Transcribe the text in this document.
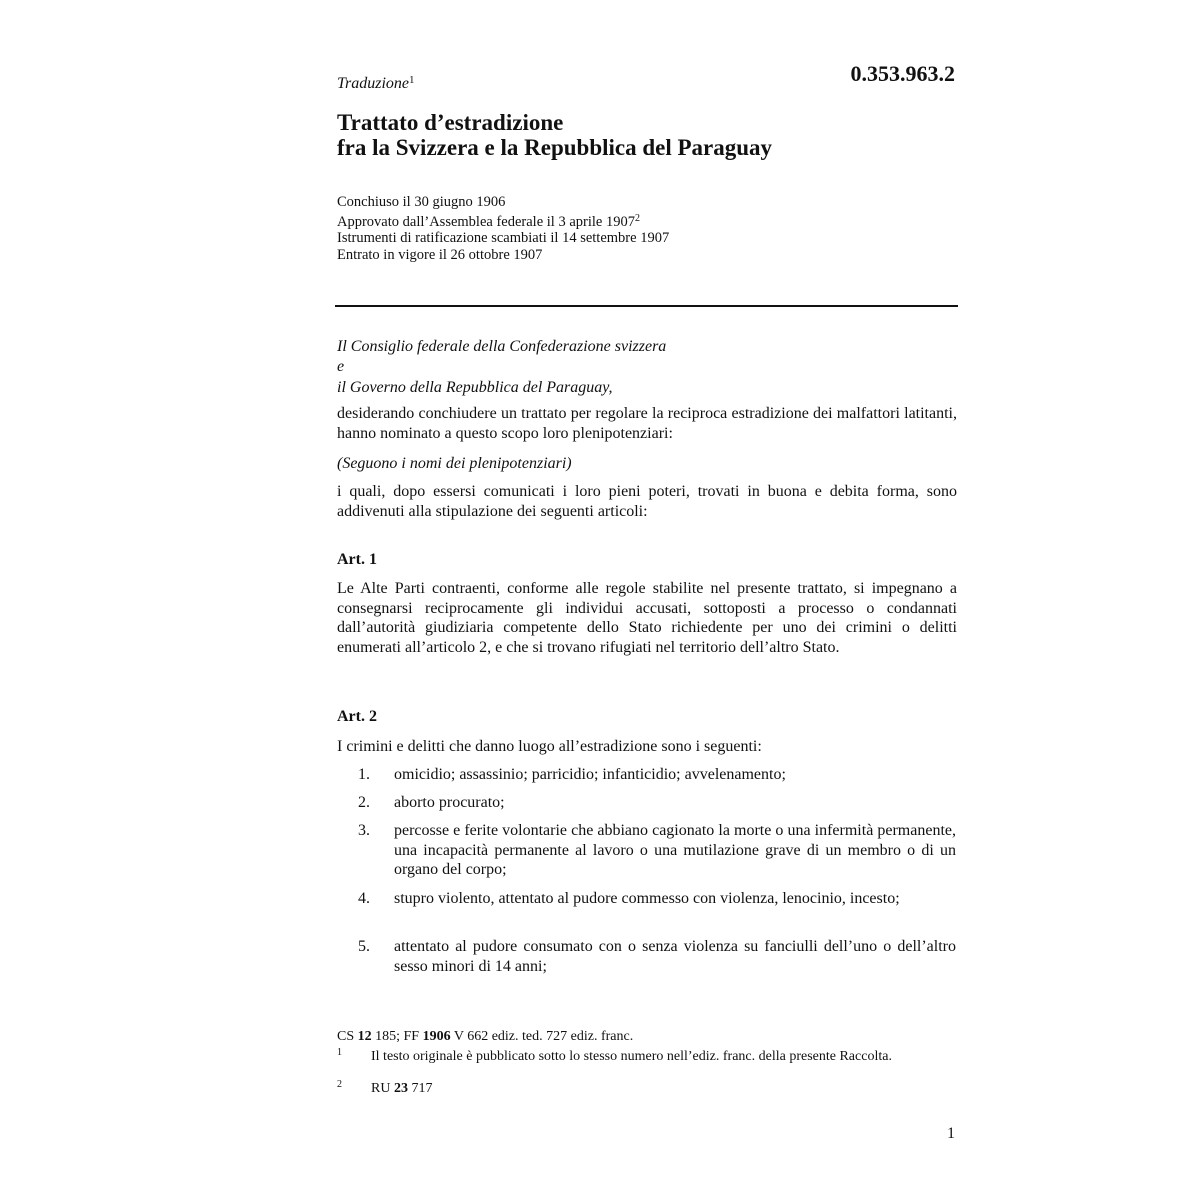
Traduzione$^1$	0.353.963.2
Trattato d’estradizione
fra la Svizzera e la Repubblica del Paraguay
Conchiuso il 30 giugno 1906
Approvato dall’Assemblea federale il 3 aprile 1907$^2$
Istrumenti di ratificazione scambiati il 14 settembre 1907
Entrato in vigore il 26 ottobre 1907
Il Consiglio federale della Confederazione svizzera
e
il Governo della Repubblica del Paraguay,
desiderando conchiudere un trattato per regolare la reciproca estradizione dei malfattori latitanti, hanno nominato a questo scopo loro plenipotenziari:
(Seguono i nomi dei plenipotenziari)
i quali, dopo essersi comunicati i loro pieni poteri, trovati in buona e debita forma, sono addivenuti alla stipulazione dei seguenti articoli:
Art. 1
Le Alte Parti contraenti, conforme alle regole stabilite nel presente trattato, si impegnano a consegnarsi reciprocamente gli individui accusati, sottoposti a processo o condannati dall’autorità giudiziaria competente dello Stato richiedente per uno dei crimini o delitti enumerati all’articolo 2, e che si trovano rifugiati nel territorio dell’altro Stato.
Art. 2
I crimini e delitti che danno luogo all’estradizione sono i seguenti:
1. omicidio; assassinio; parricidio; infanticidio; avvelenamento;
2. aborto procurato;
3. percosse e ferite volontarie che abbiano cagionato la morte o una infermità permanente, una incapacità permanente al lavoro o una mutilazione grave di un membro o di un organo del corpo;
4. stupro violento, attentato al pudore commesso con violenza, lenocinio, incesto;
5. attentato al pudore consumato con o senza violenza su fanciulli dell’uno o dell’altro sesso minori di 14 anni;
CS 12 185; FF 1906 V 662 ediz. ted. 727 ediz. franc.
1 Il testo originale è pubblicato sotto lo stesso numero nell’ediz. franc. della presente Raccolta.
2 RU 23 717
1
